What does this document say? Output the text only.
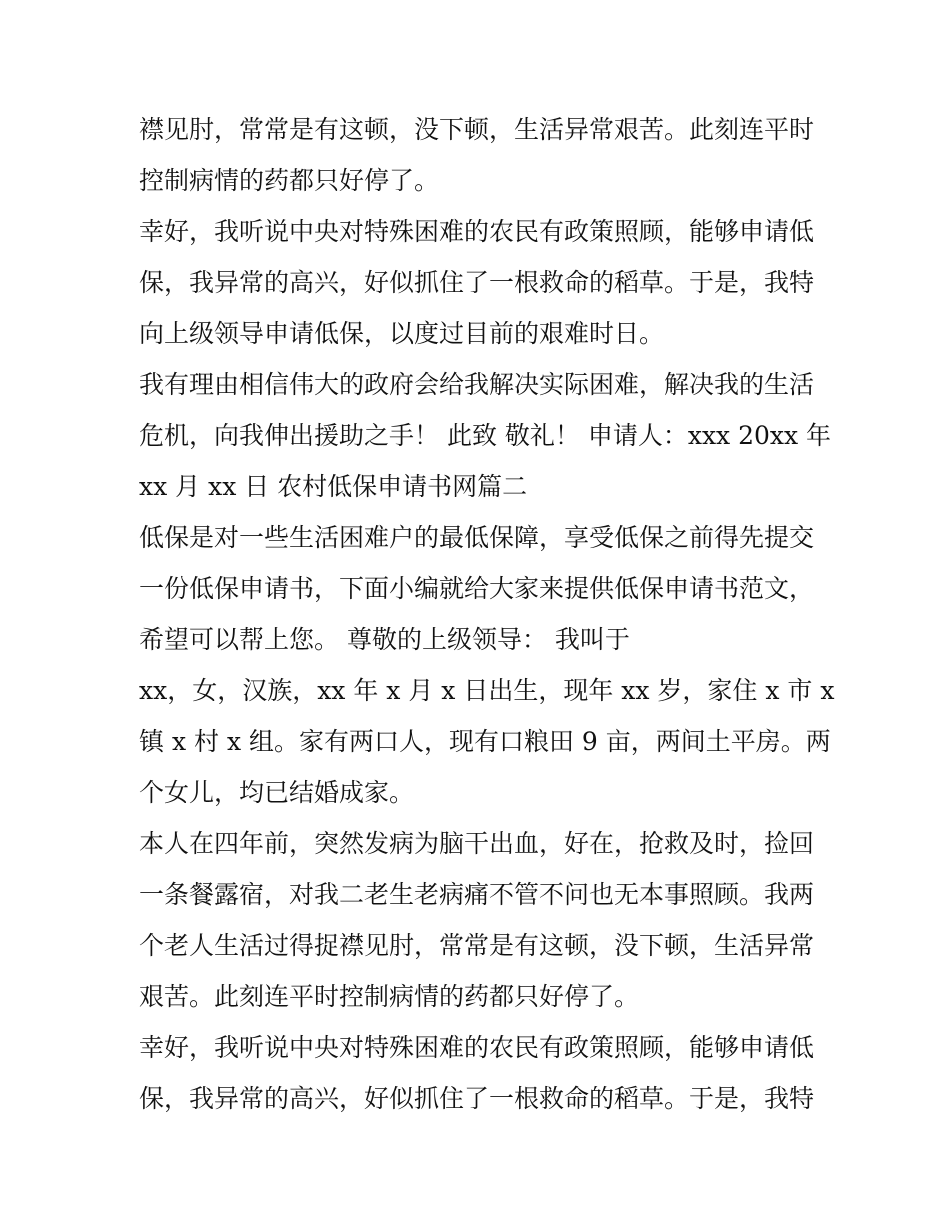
襟见肘，常常是有这顿，没下顿，生活异常艰苦。此刻连平时
控制病情的药都只好停了。
幸好，我听说中央对特殊困难的农民有政策照顾，能够申请低
保，我异常的高兴，好似抓住了一根救命的稻草。于是，我特
向上级领导申请低保，以度过目前的艰难时日。
我有理由相信伟大的政府会给我解决实际困难，解决我的生活
危机，向我伸出援助之手！ 此致 敬礼！ 申请人：xxx 20xx 年
xx 月 xx 日 农村低保申请书网篇二
低保是对一些生活困难户的最低保障，享受低保之前得先提交
一份低保申请书，下面小编就给大家来提供低保申请书范文，
希望可以帮上您。 尊敬的上级领导： 我叫于
xx，女，汉族，xx 年 x 月 x 日出生，现年 xx 岁，家住 x 市 x
镇 x 村 x 组。家有两口人，现有口粮田 9 亩，两间土平房。两
个女儿，均已结婚成家。
本人在四年前，突然发病为脑干出血，好在，抢救及时，捡回
一条餐露宿，对我二老生老病痛不管不问也无本事照顾。我两
个老人生活过得捉襟见肘，常常是有这顿，没下顿，生活异常
艰苦。此刻连平时控制病情的药都只好停了。
幸好，我听说中央对特殊困难的农民有政策照顾，能够申请低
保，我异常的高兴，好似抓住了一根救命的稻草。于是，我特
